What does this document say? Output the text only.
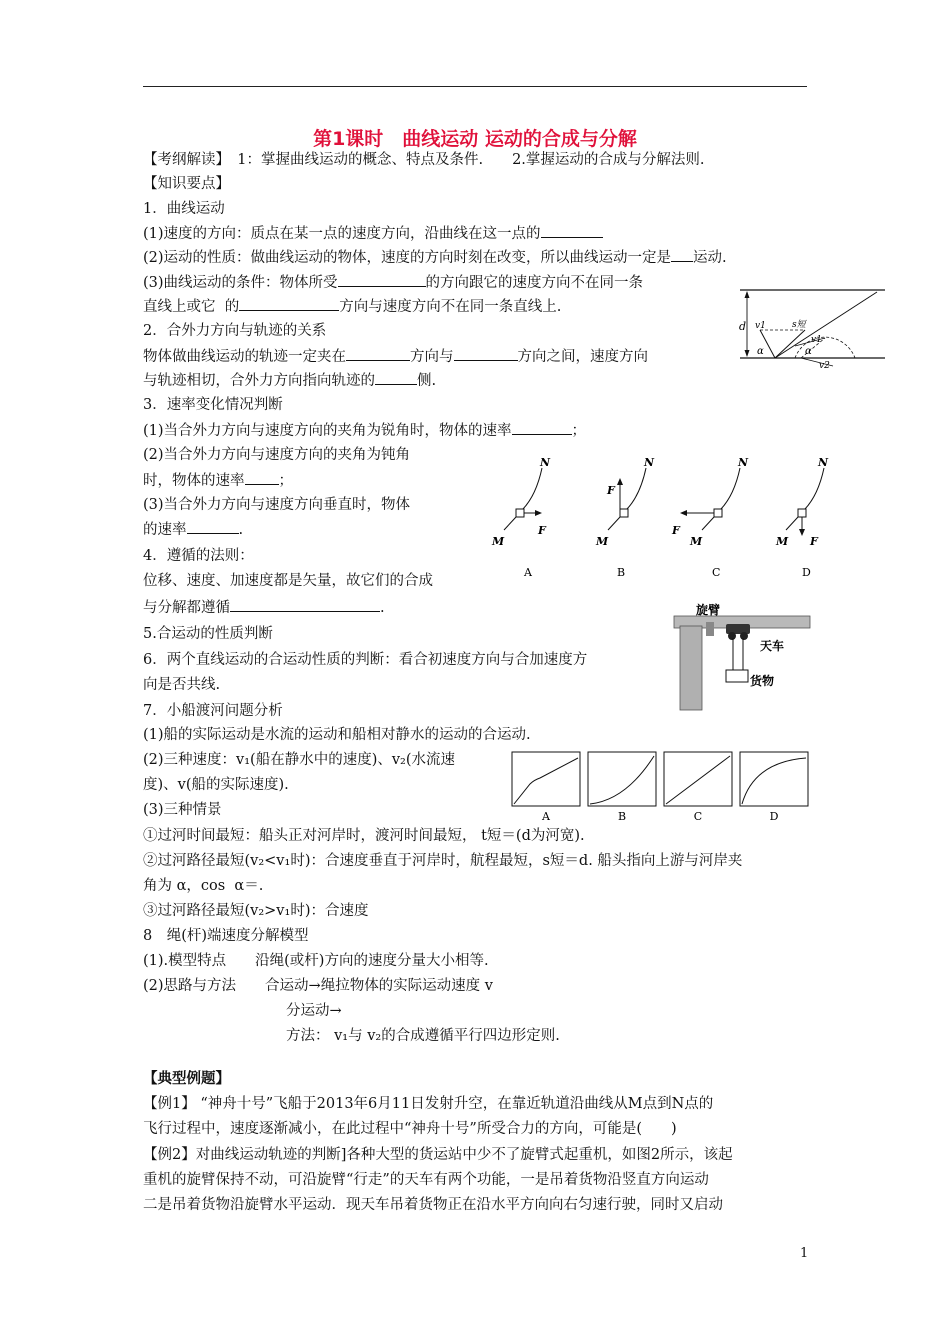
第1课时　曲线运动 运动的合成与分解
【考纲解读】　1：掌握曲线运动的概念、特点及条件.　　2.掌握运动的合成与分解法则.
【知识要点】
1．曲线运动
(1)速度的方向：质点在某一点的速度方向，沿曲线在这一点的
(2)运动的性质：做曲线运动的物体，速度的方向时刻在改变，所以曲线运动一定是 运动.
(3)曲线运动的条件：物体所受	的方向跟它的速度方向不在同一条
直线上或它  的	方向与速度方向不在同一条直线上.
2．合外力方向与轨迹的关系
物体做曲线运动的轨迹一定夹在	方向与	方向之间，速度方向
与轨迹相切，合外力方向指向轨迹的	侧.
3．速率变化情况判断
(1)当合外力方向与速度方向的夹角为锐角时，物体的速率	；
(2)当合外力方向与速度方向的夹角为钝角
时，物体的速率 ；
(3)当合外力方向与速度方向垂直时，物体
的速率	.
4．遵循的法则：
位移、速度、加速度都是矢量，故它们的合成
与分解都遵循	.
5.合运动的性质判断
6．两个直线运动的合运动性质的判断：看合初速度方向与合加速度方
向是否共线.
7．小船渡河问题分析
(1)船的实际运动是水流的运动和船相对静水的运动的合运动.
(2)三种速度：v₁(船在静水中的速度)、v₂(水流速
度)、v(船的实际速度).
(3)三种情景
①过河时间最短：船头正对河岸时，渡河时间最短， t短＝(d为河宽).
②过河路径最短(v₂<v₁时)：合速度垂直于河岸时，航程最短，s短＝d. 船头指向上游与河岸夹
角为 α，cos  α＝.
③过河路径最短(v₂>v₁时)：合速度
8　绳(杆)端速度分解模型
(1).模型特点　　沿绳(或杆)方向的速度分量大小相等.
(2)思路与方法　　合运动→绳拉物体的实际运动速度 v
分运动→
方法： v₁与 v₂的合成遵循平行四边形定则.
【典型例题】
【例1】 “神舟十号”飞船于2013年6月11日发射升空，在靠近轨道沿曲线从M点到N点的
飞行过程中，速度逐渐减小，在此过程中“神舟十号”所受合力的方向，可能是(　　)
【例2】对曲线运动轨迹的判断]各种大型的货运站中少不了旋臂式起重机，如图2所示，该起
重机的旋臂保持不动，可沿旋臂“行走”的天车有两个功能，一是吊着货物沿竖直方向运动
二是吊着货物沿旋臂水平运动．现天车吊着货物正在沿水平方向向右匀速行驶，同时又启动
d v1	s短
v1
α	α
v2
N
M
F
A
N
F
M
B
N
F
M
C
N
F
M
D
旋臂
天车
货物
A	B	C	D
1
